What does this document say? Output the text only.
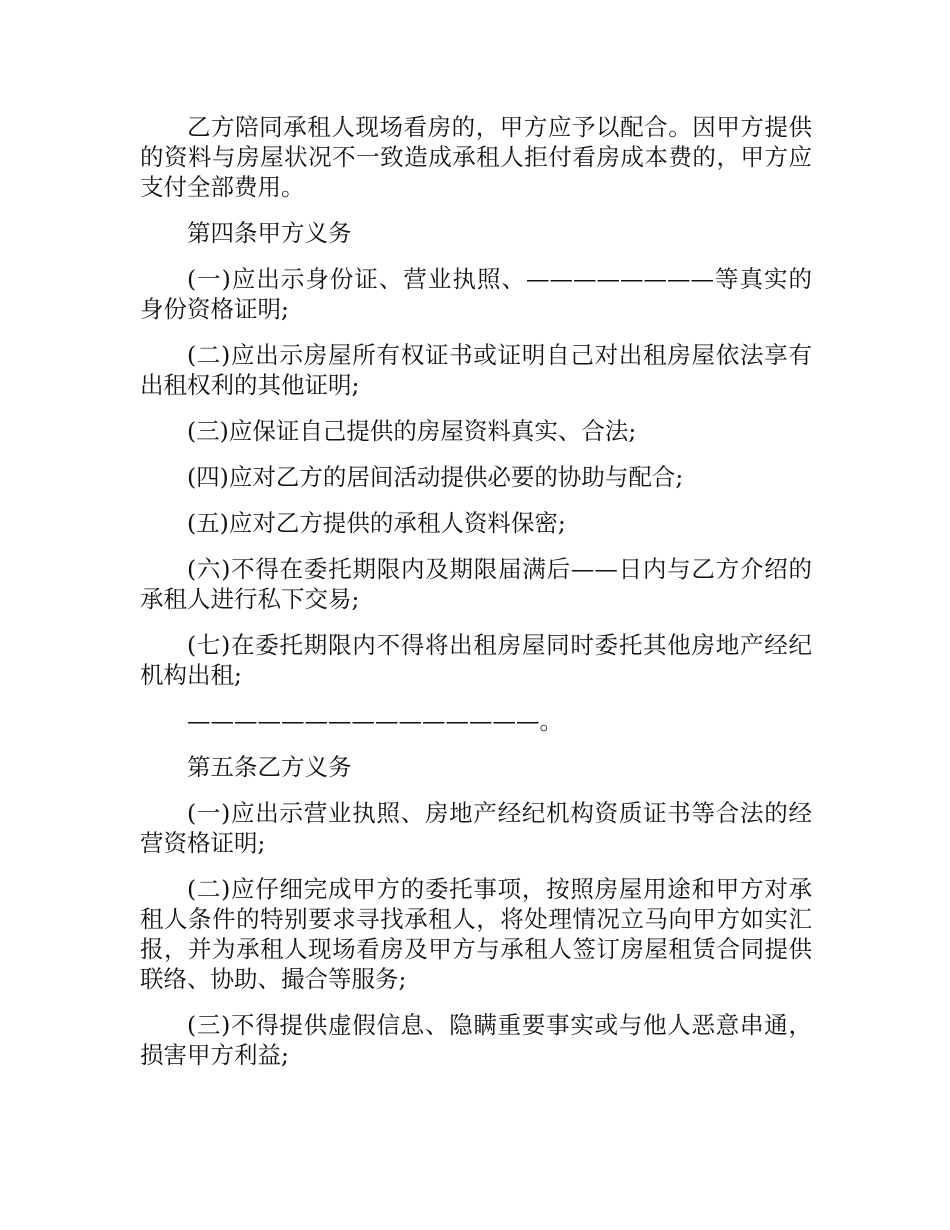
乙方陪同承租人现场看房的，甲方应予以配合。因甲方提供的资料与房屋状况不一致造成承租人拒付看房成本费的，甲方应支付全部费用。

第四条甲方义务

(一)应出示身份证、营业执照、————————等真实的身份资格证明;

(二)应出示房屋所有权证书或证明自己对出租房屋依法享有出租权利的其他证明;

(三)应保证自己提供的房屋资料真实、合法;

(四)应对乙方的居间活动提供必要的协助与配合;

(五)应对乙方提供的承租人资料保密;

(六)不得在委托期限内及期限届满后——日内与乙方介绍的承租人进行私下交易;

(七)在委托期限内不得将出租房屋同时委托其他房地产经纪机构出租;

———————————————。

第五条乙方义务

(一)应出示营业执照、房地产经纪机构资质证书等合法的经营资格证明;

(二)应仔细完成甲方的委托事项，按照房屋用途和甲方对承租人条件的特别要求寻找承租人，将处理情况立马向甲方如实汇报，并为承租人现场看房及甲方与承租人签订房屋租赁合同提供联络、协助、撮合等服务;

(三)不得提供虚假信息、隐瞒重要事实或与他人恶意串通，损害甲方利益;
